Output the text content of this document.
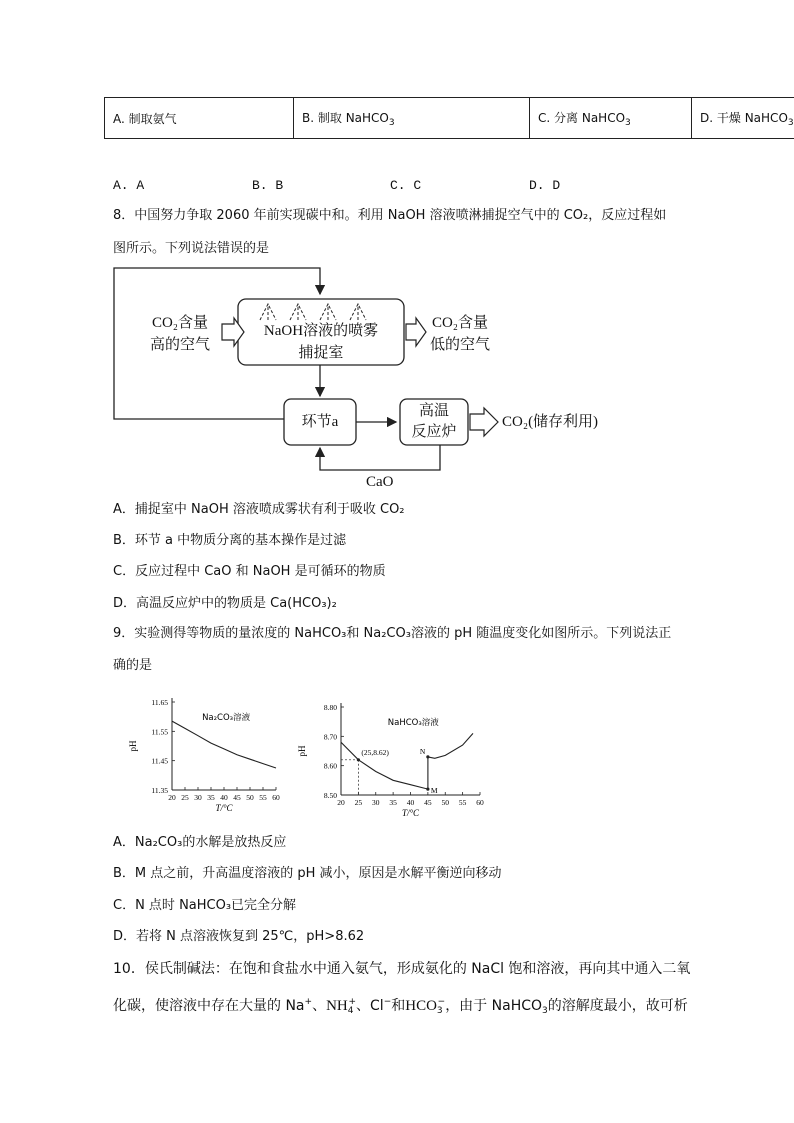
A. 制取氨气	B. 制取 NaHCO$_3$	C. 分离 NaHCO$_3$	D. 干燥 NaHCO$_3$
A. A	B. B	C. C	D. D
8．中国努力争取 2060 年前实现碳中和。利用 NaOH 溶液喷淋捕捉空气中的 CO₂，反应过程如
图所示。下列说法错误的是
CO₂含量
高的空气
NaOH溶液的喷雾
捕捉室
CO₂含量
低的空气
环节a
高温
反应炉
CO₂(储存利用)
CaO
A．捕捉室中 NaOH 溶液喷成雾状有利于吸收 CO₂
B．环节 a 中物质分离的基本操作是过滤
C．反应过程中 CaO 和 NaOH 是可循环的物质
D．高温反应炉中的物质是 Ca(HCO₃)₂
9．实验测得等物质的量浓度的 NaHCO₃和 Na₂CO₃溶液的 pH 随温度变化如图所示。下列说法正
确的是
20 25 30 35 40 45 50 55 60
11.35
11.45
11.55
11.65
T/°C
pH
Na₂CO₃溶液
20 25 30 35 40 45 50 55 60
8.50
8.60
8.70
8.80
T/°C
pH
NaHCO₃溶液
(25,8.62)	N
M
A．Na₂CO₃的水解是放热反应
B．M 点之前，升高温度溶液的 pH 减小，原因是水解平衡逆向移动
C．N 点时 NaHCO₃已完全分解
D．若将 N 点溶液恢复到 25℃，pH>8.62
10．侯氏制碱法：在饱和食盐水中通入氨气，形成氨化的 NaCl 饱和溶液，再向其中通入二氧
化碳，使溶液中存在大量的 Na+、$NH_4^+$、Cl−和$HCO_3^-$，由于 NaHCO$_3$的溶解度最小，故可析
